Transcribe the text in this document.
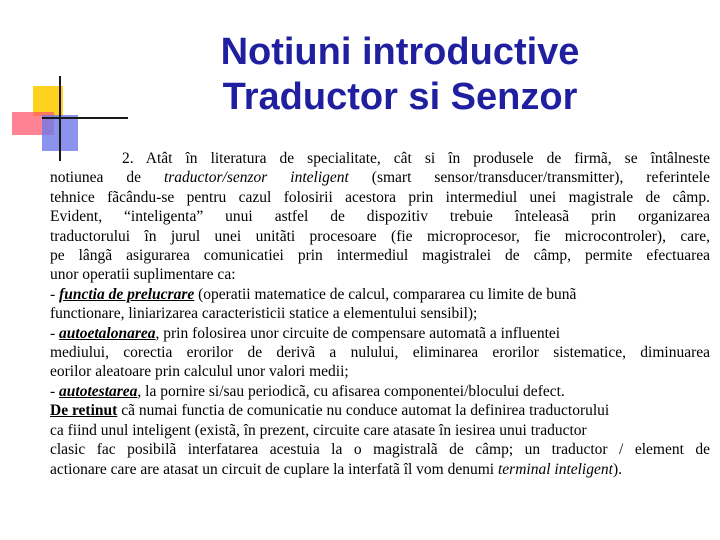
Notiuni introductive
Traductor si Senzor
2. Atât în literatura de specialitate, cât si în produsele de firmã, se întâlneste
notiunea de traductor/senzor inteligent (smart sensor/transducer/transmitter), referintele
tehnice fãcându-se pentru cazul folosirii acestora prin intermediul unei magistrale de câmp.
Evident, “inteligenta” unui astfel de dispozitiv trebuie înteleasã prin organizarea
traductorului în jurul unei unitãti procesoare (fie microprocesor, fie microcontroler), care,
pe lângã asigurarea comunicatiei prin intermediul magistralei de câmp, permite efectuarea
unor operatii suplimentare ca:
- functia de prelucrare (operatii matematice de calcul, compararea cu limite de bunã
functionare, liniarizarea caracteristicii statice a elementului sensibil);
- autoetalonarea, prin folosirea unor circuite de compensare automatã a influentei
mediului, corectia erorilor de derivã a nulului, eliminarea erorilor sistematice, diminuarea
eorilor aleatoare prin calculul unor valori medii;
- autotestarea, la pornire si/sau periodicã, cu afisarea componentei/blocului defect.
De retinut cã numai functia de comunicatie nu conduce automat la definirea traductorului
ca fiind unul inteligent (existã, în prezent, circuite care atasate în iesirea unui traductor
clasic fac posibilã interfatarea acestuia la o magistralã de câmp; un traductor / element de
actionare care are atasat un circuit de cuplare la interfatã îl vom denumi terminal inteligent).
